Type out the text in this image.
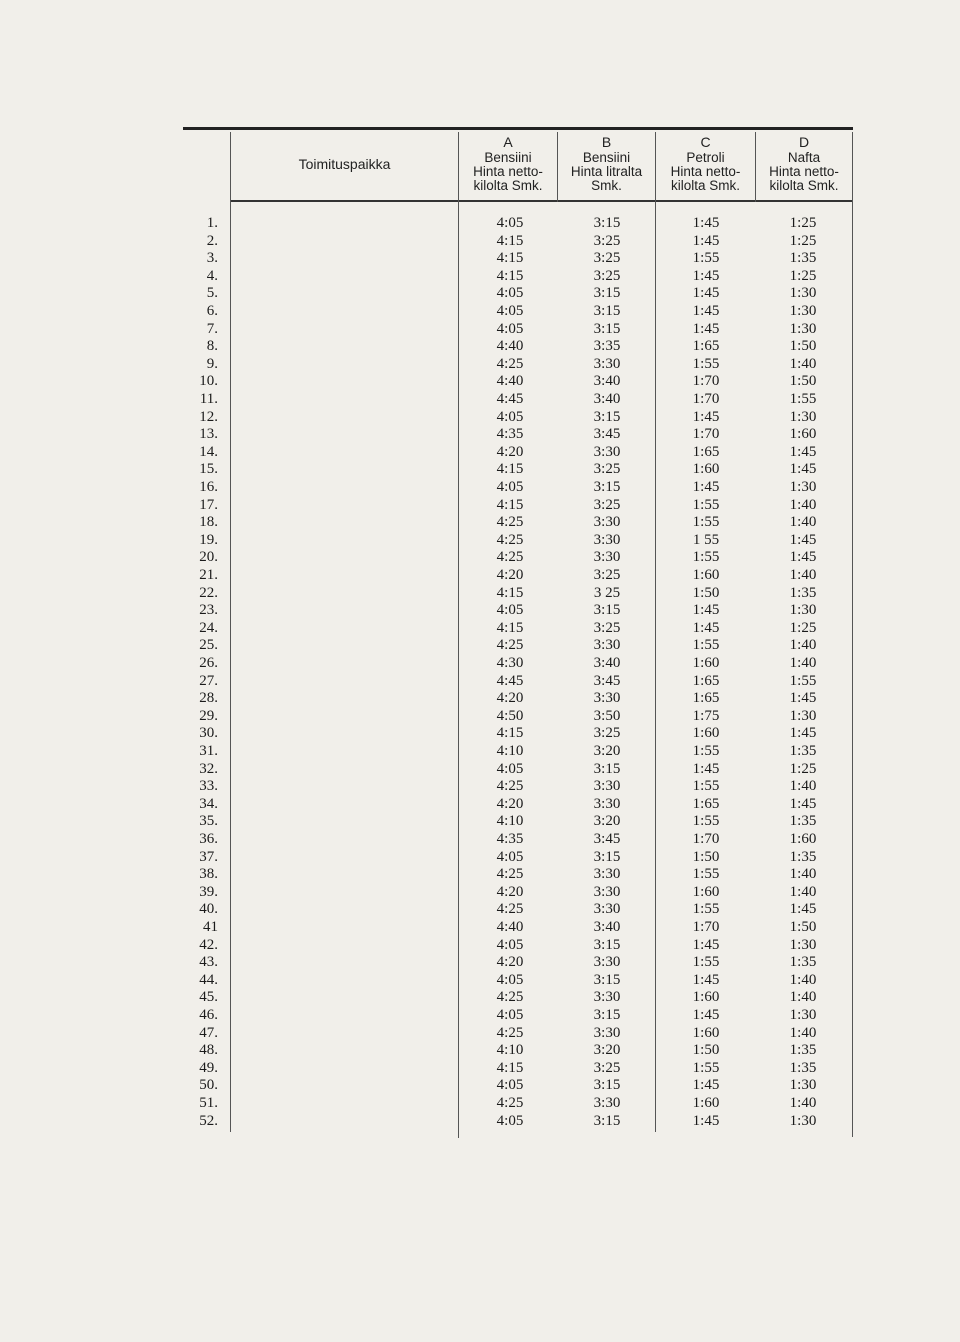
Toimituspaikka
A
Bensiini
Hinta netto-
kilolta Smk.
B
Bensiini
Hinta litralta
Smk.
C
Petroli
Hinta netto-
kilolta Smk.
D
Nafta
Hinta netto-
kilolta Smk.
1.	4:05	3:15	1:45	1:25
2.	4:15	3:25	1:45	1:25
3.	4:15	3:25	1:55	1:35
4.	4:15	3:25	1:45	1:25
5.	4:05	3:15	1:45	1:30
6.	4:05	3:15	1:45	1:30
7.	4:05	3:15	1:45	1:30
8.	4:40	3:35	1:65	1:50
9.	4:25	3:30	1:55	1:40
10.	4:40	3:40	1:70	1:50
11.	4:45	3:40	1:70	1:55
12.	4:05	3:15	1:45	1:30
13.	4:35	3:45	1:70	1:60
14.	4:20	3:30	1:65	1:45
15.	4:15	3:25	1:60	1:45
16.	4:05	3:15	1:45	1:30
17.	4:15	3:25	1:55	1:40
18.	4:25	3:30	1:55	1:40
19.	4:25	3:30	1 55	1:45
20.	4:25	3:30	1:55	1:45
21.	4:20	3:25	1:60	1:40
22.	4:15	3 25	1:50	1:35
23.	4:05	3:15	1:45	1:30
24.	4:15	3:25	1:45	1:25
25.	4:25	3:30	1:55	1:40
26.	4:30	3:40	1:60	1:40
27.	4:45	3:45	1:65	1:55
28.	4:20	3:30	1:65	1:45
29.	4:50	3:50	1:75	1:30
30.	4:15	3:25	1:60	1:45
31.	4:10	3:20	1:55	1:35
32.	4:05	3:15	1:45	1:25
33.	4:25	3:30	1:55	1:40
34.	4:20	3:30	1:65	1:45
35.	4:10	3:20	1:55	1:35
36.	4:35	3:45	1:70	1:60
37.	4:05	3:15	1:50	1:35
38.	4:25	3:30	1:55	1:40
39.	4:20	3:30	1:60	1:40
40.	4:25	3:30	1:55	1:45
41	4:40	3:40	1:70	1:50
42.	4:05	3:15	1:45	1:30
43.	4:20	3:30	1:55	1:35
44.	4:05	3:15	1:45	1:40
45.	4:25	3:30	1:60	1:40
46.	4:05	3:15	1:45	1:30
47.	4:25	3:30	1:60	1:40
48.	4:10	3:20	1:50	1:35
49.	4:15	3:25	1:55	1:35
50.	4:05	3:15	1:45	1:30
51.	4:25	3:30	1:60	1:40
52.	4:05	3:15	1:45	1:30
